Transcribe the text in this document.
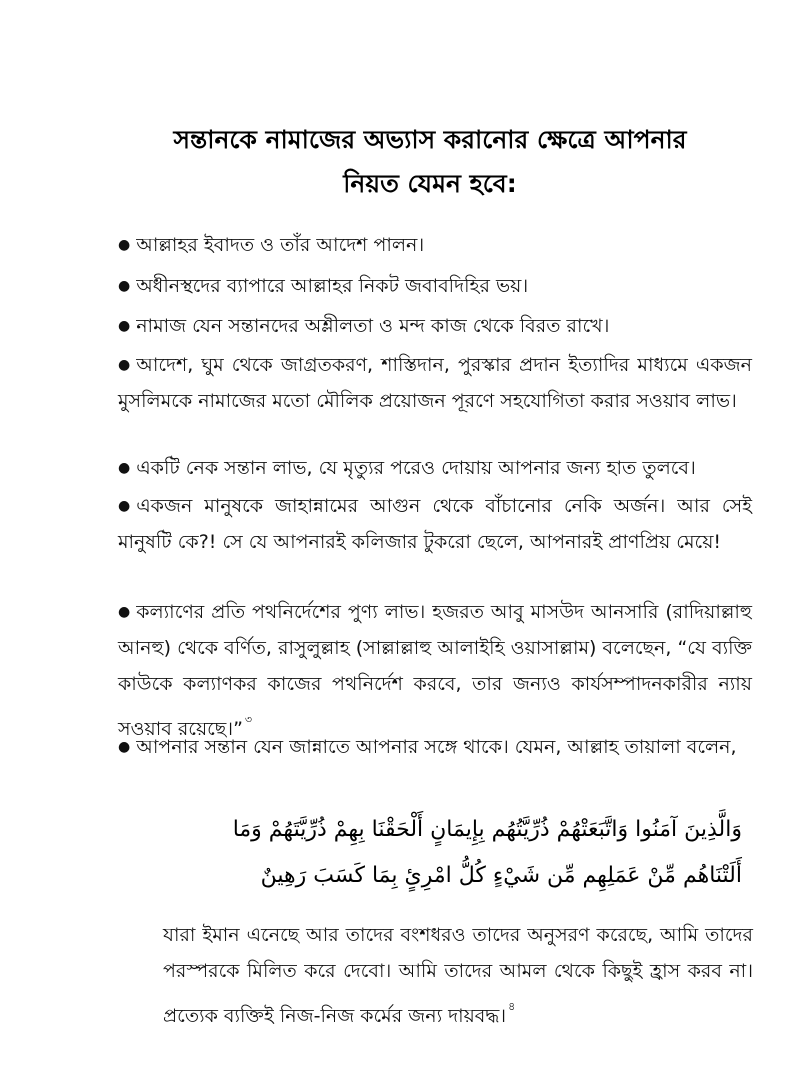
সন্তানকে নামাজের অভ্যাস করানোর ক্ষেত্রে আপনার
নিয়ত যেমন হবে:
● আল্লাহর ইবাদত ও তাঁর আদেশ পালন।
● অধীনস্থদের ব্যাপারে আল্লাহর নিকট জবাবদিহির ভয়।
● নামাজ যেন সন্তানদের অশ্লীলতা ও মন্দ কাজ থেকে বিরত রাখে।
● আদেশ, ঘুম থেকে জাগ্রতকরণ, শাস্তিদান, পুরস্কার প্রদান ইত্যাদির মাধ্যমে একজন মুসলিমকে নামাজের মতো মৌলিক প্রয়োজন পূরণে সহযোগিতা করার সওয়াব লাভ।
● একটি নেক সন্তান লাভ, যে মৃত্যুর পরেও দোয়ায় আপনার জন্য হাত তুলবে।
● একজন মানুষকে জাহান্নামের আগুন থেকে বাঁচানোর নেকি অর্জন। আর সেই মানুষটি কে?! সে যে আপনারই কলিজার টুকরো ছেলে, আপনারই প্রাণপ্রিয় মেয়ে!
● কল্যাণের প্রতি পথনির্দেশের পুণ্য লাভ। হজরত আবু মাসউদ আনসারি (রাদিয়াল্লাহু আনহু) থেকে বর্ণিত, রাসুলুল্লাহ (সাল্লাল্লাহু আলাইহি ওয়াসাল্লাম) বলেছেন, “যে ব্যক্তি কাউকে কল্যাণকর কাজের পথনির্দেশ করবে, তার জন্যও কার্যসম্পাদনকারীর ন্যায় সওয়াব রয়েছে।” $^৩$
● আপনার সন্তান যেন জান্নাতে আপনার সঙ্গে থাকে। যেমন, আল্লাহ তায়ালা বলেন,
وَالَّذِينَ آمَنُوا وَاتَّبَعَتْهُمْ ذُرِّيَّتُهُم بِإِيمَانٍ أَلْحَقْنَا بِهِمْ ذُرِّيَّتَهُمْ وَمَا
أَلَتْنَاهُم مِّنْ عَمَلِهِم مِّن شَيْءٍ كُلُّ امْرِئٍ بِمَا كَسَبَ رَهِينٌ
যারা ইমান এনেছে আর তাদের বংশধরও তাদের অনুসরণ করেছে, আমি তাদের পরস্পরকে মিলিত করে দেবো। আমি তাদের আমল থেকে কিছুই হ্রাস করব না। প্রত্যেক ব্যক্তিই নিজ-নিজ কর্মের জন্য দায়বদ্ধ। $^৪$
